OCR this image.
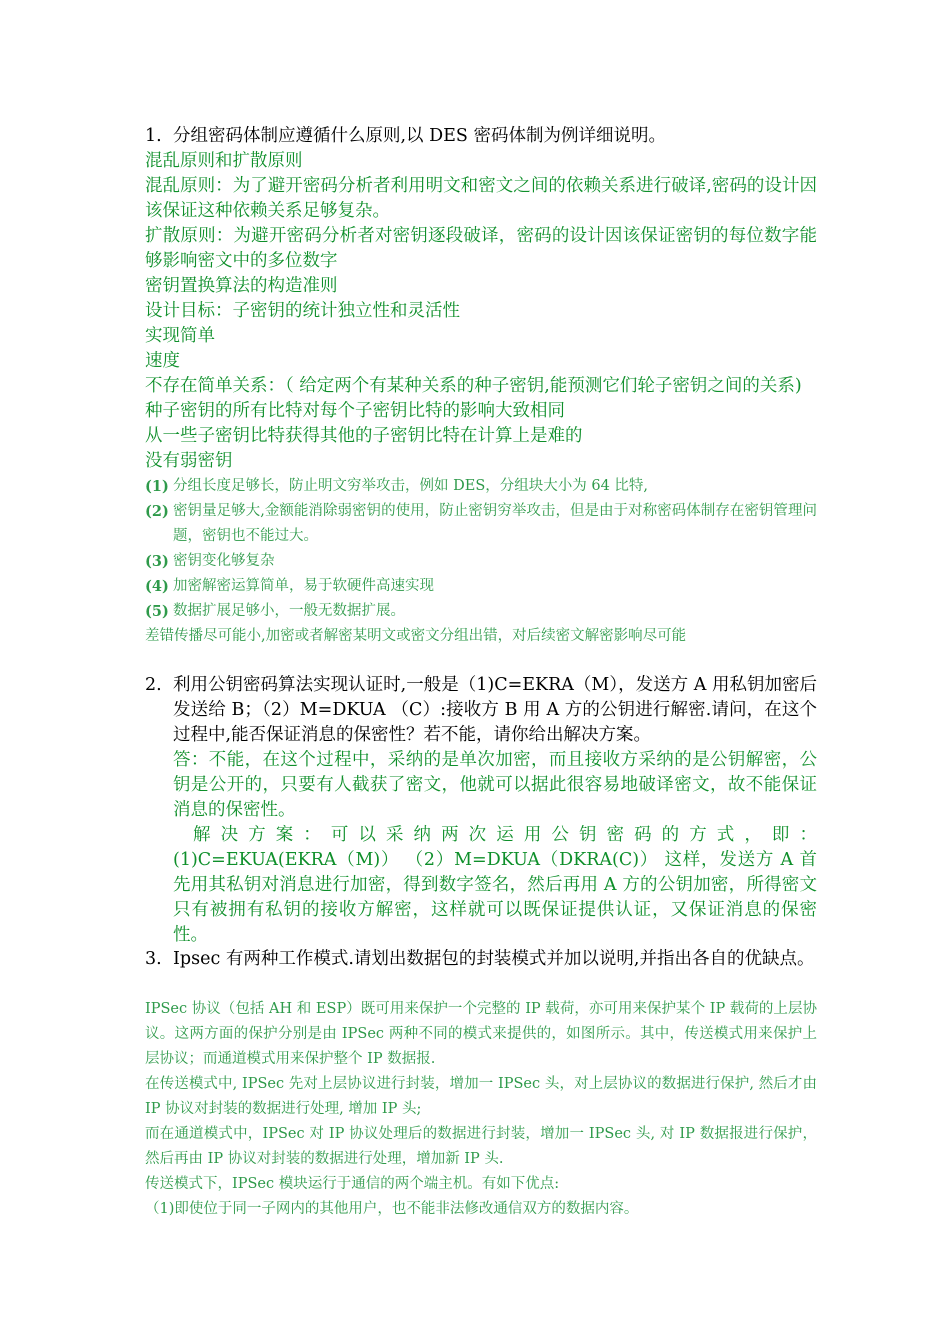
1. 分组密码体制应遵循什么原则,以 DES 密码体制为例详细说明。
混乱原则和扩散原则
混乱原则：为了避开密码分析者利用明文和密文之间的依赖关系进行破译,密码的设计因该保证这种依赖关系足够复杂。
扩散原则：为避开密码分析者对密钥逐段破译，密码的设计因该保证密钥的每位数字能够影响密文中的多位数字
密钥置换算法的构造准则
设计目标：子密钥的统计独立性和灵活性
实现简单
速度
不存在简单关系：（ 给定两个有某种关系的种子密钥,能预测它们轮子密钥之间的关系)
种子密钥的所有比特对每个子密钥比特的影响大致相同
从一些子密钥比特获得其他的子密钥比特在计算上是难的
没有弱密钥
(1) 分组长度足够长，防止明文穷举攻击，例如 DES，分组块大小为 64 比特,
(2) 密钥量足够大,金额能消除弱密钥的使用，防止密钥穷举攻击，但是由于对称密码体制存在密钥管理问题，密钥也不能过大。
(3) 密钥变化够复杂
(4) 加密解密运算简单，易于软硬件高速实现
(5) 数据扩展足够小，一般无数据扩展。
差错传播尽可能小,加密或者解密某明文或密文分组出错，对后续密文解密影响尽可能
2. 利用公钥密码算法实现认证时,一般是（1)C=EKRA（M），发送方 A 用私钥加密后发送给 B；（2）M=DKUA （C）:接收方 B 用 A 方的公钥进行解密.请问，在这个过程中,能否保证消息的保密性？若不能，请你给出解决方案。
答：不能，在这个过程中，采纳的是单次加密，而且接收方采纳的是公钥解密，公钥是公开的，只要有人截获了密文，他就可以据此很容易地破译密文，故不能保证消息的保密性。
解决方案：可以采纳两次运用公钥密码的方式，即：
(1)C=EKUA(EKRA（M)） （2）M=DKUA（DKRA(C)） 这样，发送方 A 首先用其私钥对消息进行加密，得到数字签名，然后再用 A 方的公钥加密，所得密文只有被拥有私钥的接收方解密，这样就可以既保证提供认证，又保证消息的保密性。
3. Ipsec 有两种工作模式.请划出数据包的封装模式并加以说明,并指出各自的优缺点。
IPSec 协议（包括 AH 和 ESP）既可用来保护一个完整的 IP 载荷，亦可用来保护某个 IP 载荷的上层协议。这两方面的保护分别是由 IPSec 两种不同的模式来提供的，如图所示。其中，传送模式用来保护上层协议；而通道模式用来保护整个 IP 数据报.
在传送模式中, IPSec 先对上层协议进行封装，增加一 IPSec 头，对上层协议的数据进行保护, 然后才由 IP 协议对封装的数据进行处理, 增加 IP 头;
而在通道模式中，IPSec 对 IP 协议处理后的数据进行封装，增加一 IPSec 头, 对 IP 数据报进行保护，然后再由 IP 协议对封装的数据进行处理，增加新 IP 头.
传送模式下，IPSec 模块运行于通信的两个端主机。有如下优点:
（1)即使位于同一子网内的其他用户，也不能非法修改通信双方的数据内容。
